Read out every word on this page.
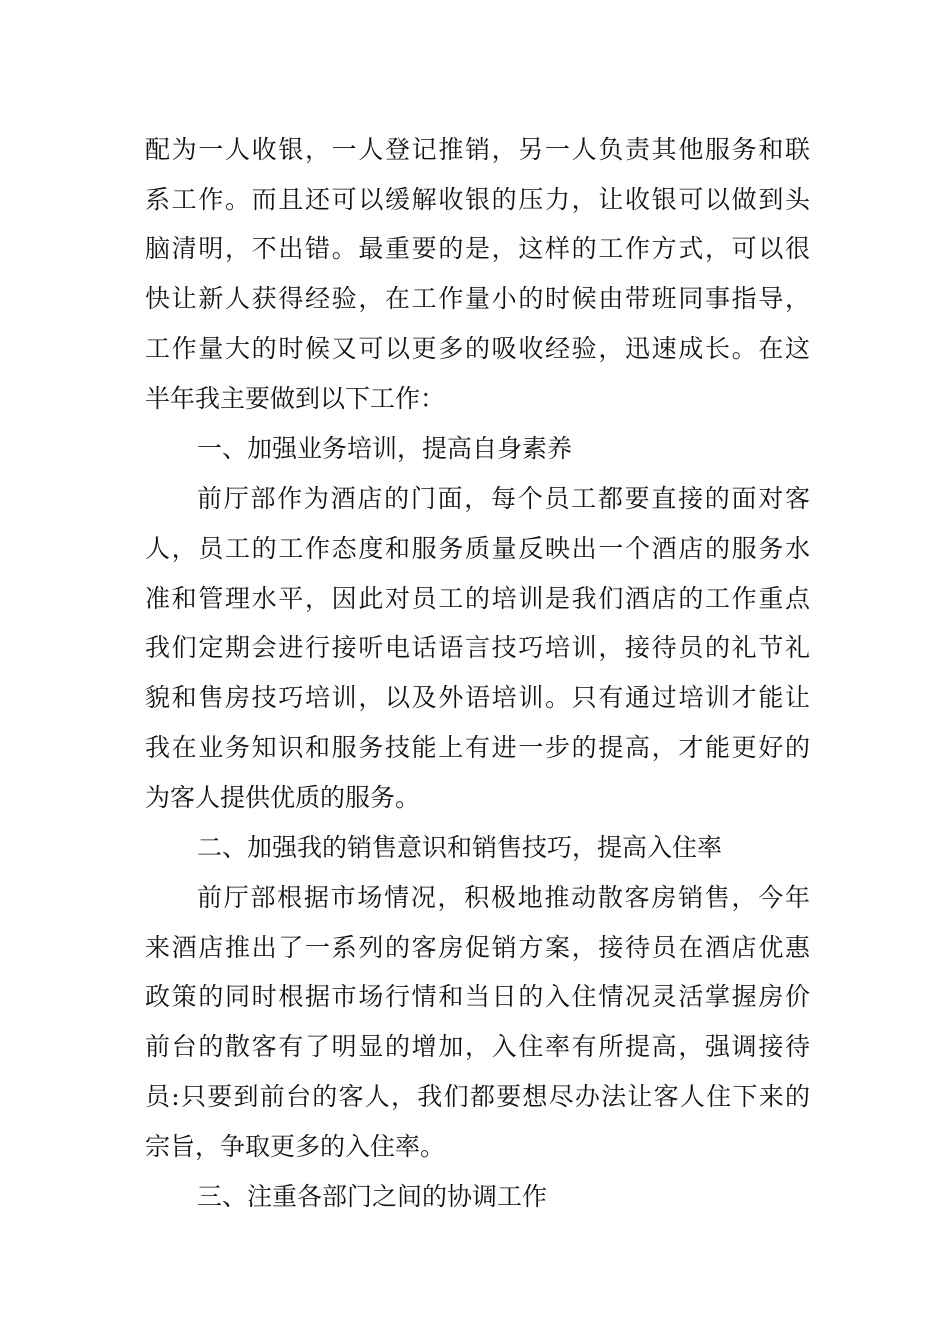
配为一人收银，一人登记推销，另一人负责其他服务和联
系工作。而且还可以缓解收银的压力，让收银可以做到头
脑清明，不出错。最重要的是，这样的工作方式，可以很
快让新人获得经验，在工作量小的时候由带班同事指导，
工作量大的时候又可以更多的吸收经验，迅速成长。在这
半年我主要做到以下工作：
一、加强业务培训，提高自身素养
前厅部作为酒店的门面，每个员工都要直接的面对客
人，员工的工作态度和服务质量反映出一个酒店的服务水
准和管理水平，因此对员工的培训是我们酒店的工作重点
我们定期会进行接听电话语言技巧培训，接待员的礼节礼
貌和售房技巧培训，以及外语培训。只有通过培训才能让
我在业务知识和服务技能上有进一步的提高，才能更好的
为客人提供优质的服务。
二、加强我的销售意识和销售技巧，提高入住率
前厅部根据市场情况，积极地推动散客房销售，今年
来酒店推出了一系列的客房促销方案，接待员在酒店优惠
政策的同时根据市场行情和当日的入住情况灵活掌握房价
前台的散客有了明显的增加，入住率有所提高，强调接待
员:只要到前台的客人，我们都要想尽办法让客人住下来的
宗旨，争取更多的入住率。
三、注重各部门之间的协调工作
